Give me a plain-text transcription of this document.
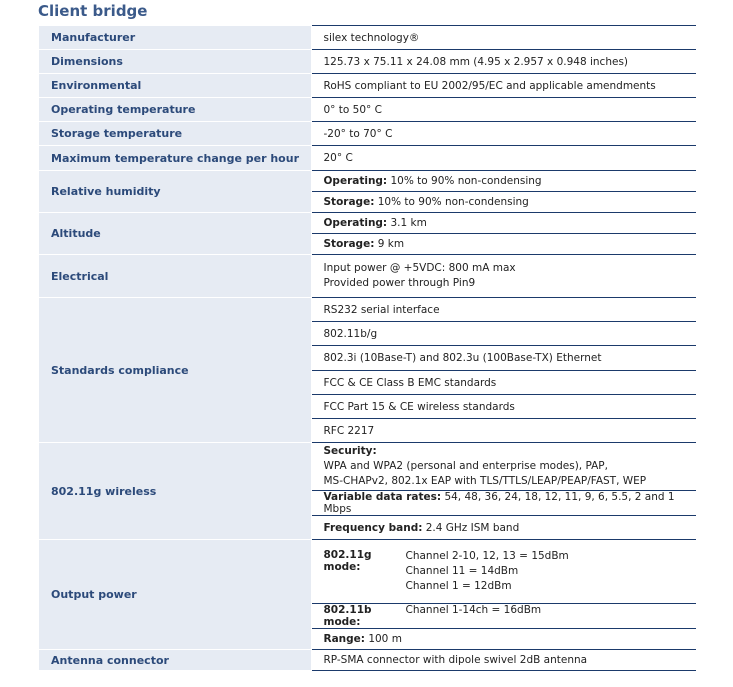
Client bridge
Manufacturer	silex technology®
Dimensions	125.73 x 75.11 x 24.08 mm (4.95 x 2.957 x 0.948 inches)
Environmental	RoHS compliant to EU 2002/95/EC and applicable amendments
Operating temperature	0° to 50° C
Storage temperature	-20° to 70° C
Maximum temperature change per hour	20° C
Relative humidity	Operating: 10% to 90% non-condensing
	Storage: 10% to 90% non-condensing
Altitude	Operating: 3.1 km
	Storage: 9 km
Electrical	Input power @ +5VDC: 800 mA max
Provided power through Pin9

Standards compliance	RS232 serial interface
	802.11b/g
	802.3i (10Base-T) and 802.3u (100Base-TX) Ethernet
	FCC & CE Class B EMC standards
	FCC Part 15 & CE wireless standards
	RFC 2217
802.11g wireless	Security:
WPA and WPA2 (personal and enterprise modes), PAP,
MS-CHAPv2, 802.1x EAP with TLS/TTLS/LEAP/PEAP/FAST, WEP

	Variable data rates: 54, 48, 36, 24, 18, 12, 11, 9, 6, 5.5, 2 and 1 Mbps
	Frequency band: 2.4 GHz ISM band
Output power	802.11g mode:
Channel 2-10, 12, 13 = 15dBm
Channel 11 = 14dBm
Channel 1 = 12dBm

	802.11b mode:
Channel 1-14ch = 16dBm

	Range: 100 m
Antenna connector	RP-SMA connector with dipole swivel 2dB antenna
